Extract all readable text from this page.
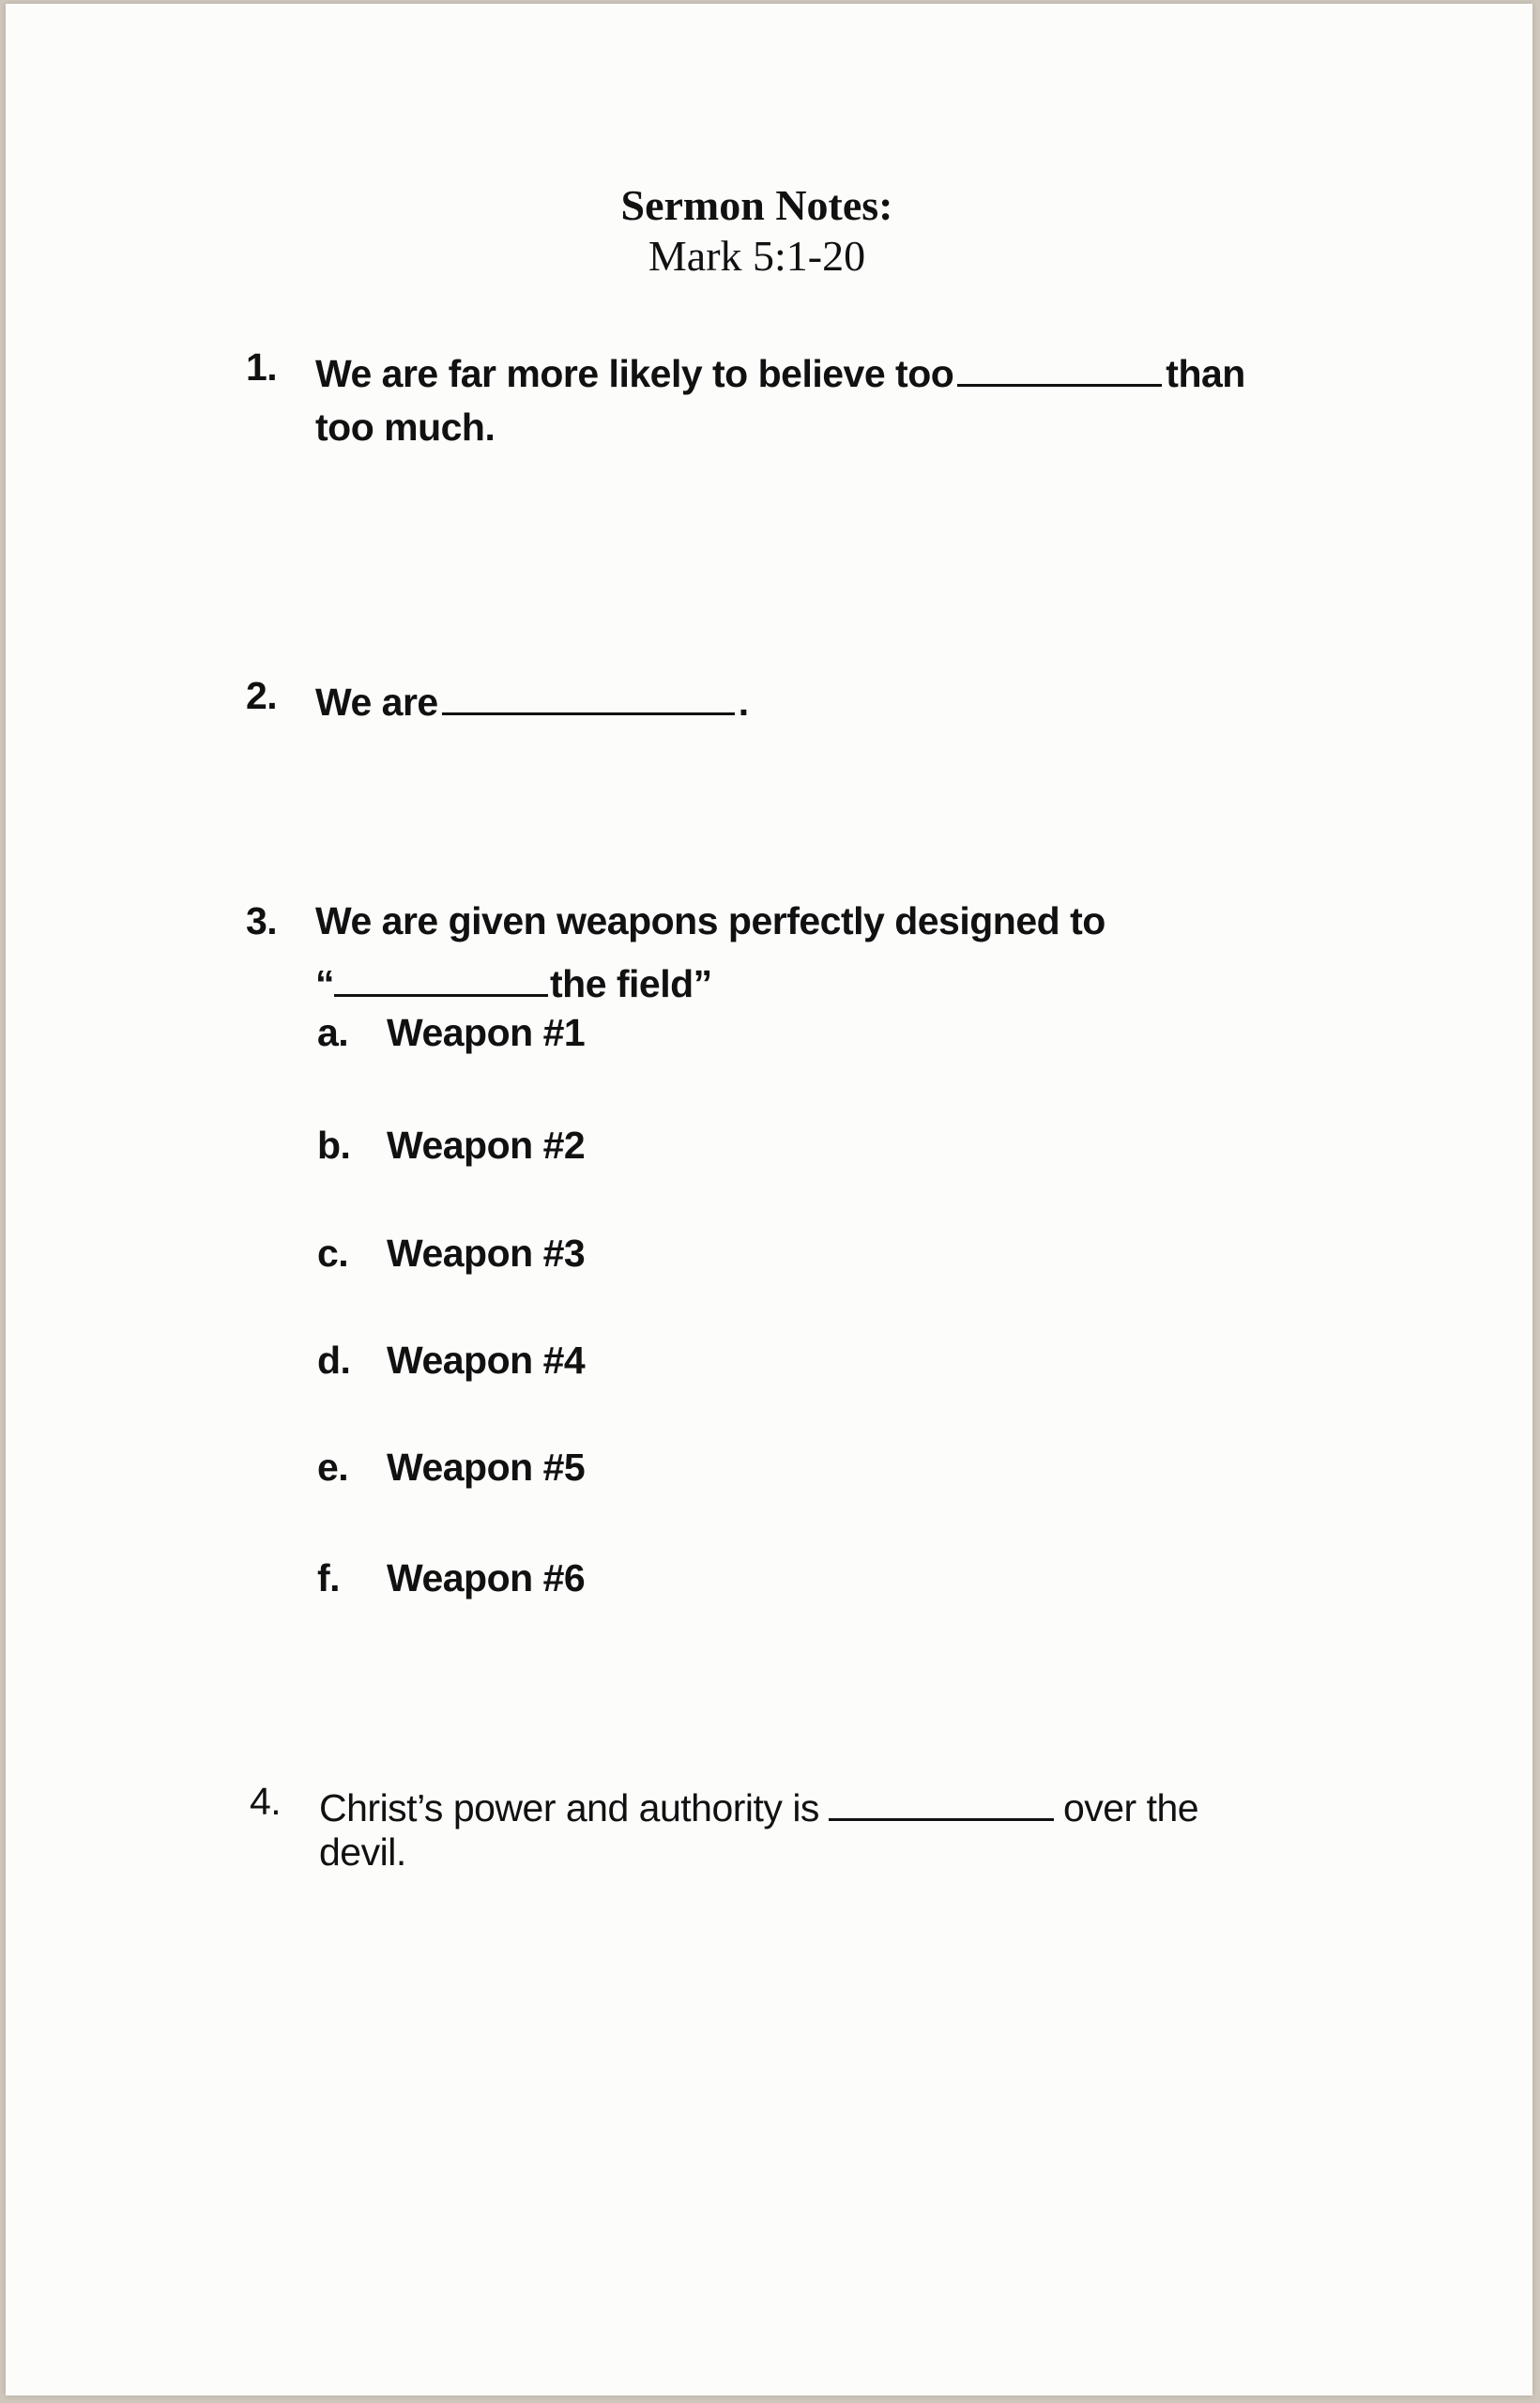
Sermon Notes:
Mark 5:1-20
1. We are far more likely to believe too	than
too much.
2. We are	.
3. We are given weapons perfectly designed to
“	the field”
a. Weapon #1
b. Weapon #2
c. Weapon #3
d. Weapon #4
e. Weapon #5
f. Weapon #6
4. Christ’s power and authority is	over the
devil.
